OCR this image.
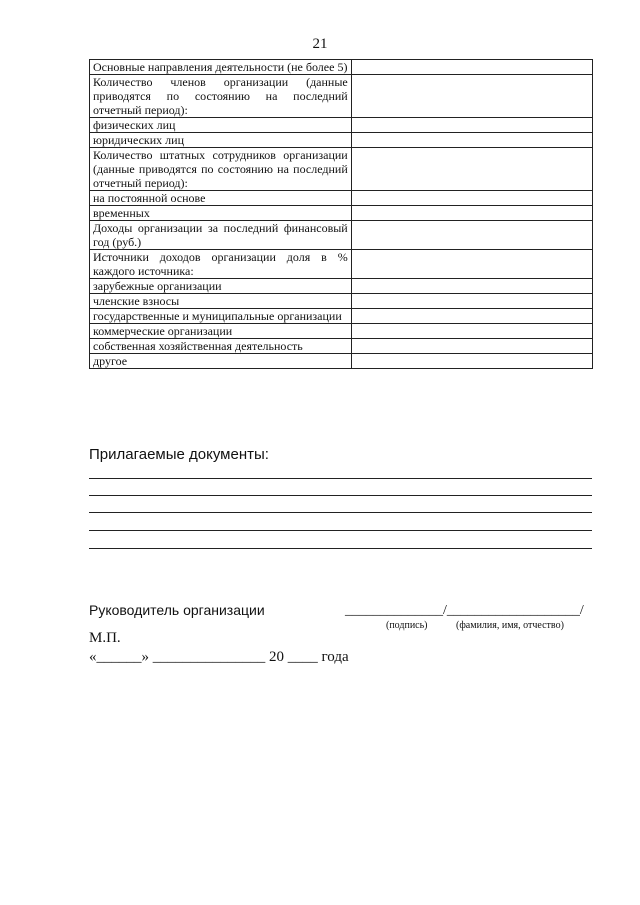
21
Основные направления деятельности (не более 5)	
Количество членов организации (данные приводятся по состоянию на последний отчетный период):	
физических лиц	
юридических лиц	
Количество штатных сотрудников организации (данные приводятся по состоянию на последний отчетный период):	
на постоянной основе	
временных	
Доходы организации за последний финансовый год (руб.)	
Источники доходов организации доля в % каждого источника:	
зарубежные организации	
членские взносы	
государственные и муниципальные организации	
коммерческие организации	
собственная хозяйственная деятельность	
другое	
Прилагаемые документы:
Руководитель организации	______________/___________________/
(подпись)	(фамилия, имя, отчество)
М.П.
«______» _______________ 20 ____ года
